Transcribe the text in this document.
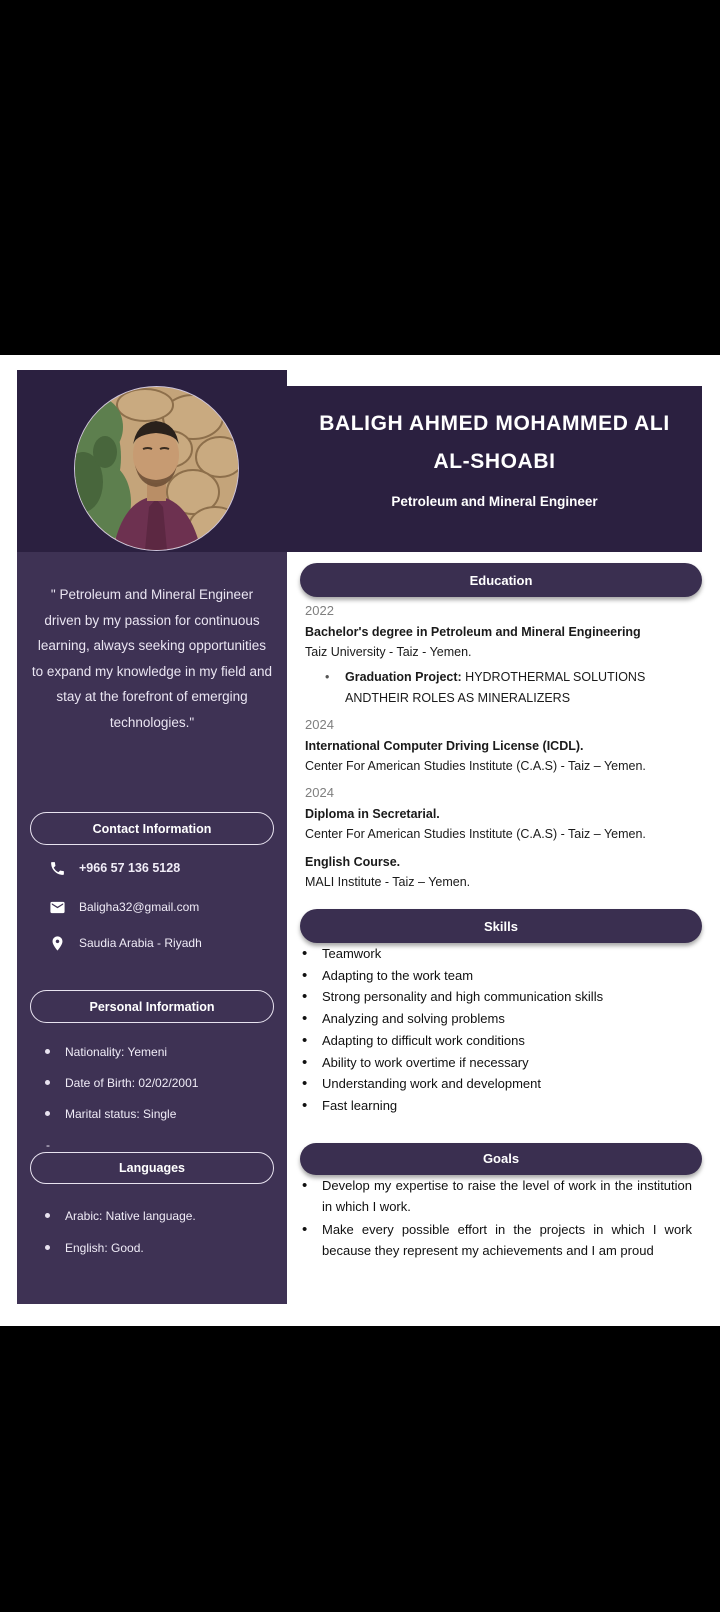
BALIGH AHMED MOHAMMED ALI
AL-SHOABI
Petroleum and Mineral Engineer
" Petroleum and Mineral Engineer driven by my passion for continuous learning, always seeking opportunities to expand my knowledge in my field and stay at the forefront of emerging technologies."
Contact Information
+966 57 136 5128
Baligha32@gmail.com
Saudia Arabia - Riyadh
Personal Information
Nationality: Yemeni
Date of Birth: 02/02/2001
Marital status: Single
-
Languages
Arabic: Native language.
English: Good.
Education
2022
Bachelor's degree in Petroleum and Mineral Engineering
Taiz University - Taiz - Yemen.
• Graduation Project: HYDROTHERMAL SOLUTIONS ANDTHEIR ROLES AS MINERALIZERS
2024
International Computer Driving License (ICDL).
Center For American Studies Institute (C.A.S) - Taiz – Yemen.
2024
Diploma in Secretarial.
Center For American Studies Institute (C.A.S) - Taiz – Yemen.
English Course.
MALI Institute - Taiz – Yemen.
Skills
• Teamwork
• Adapting to the work team
• Strong personality and high communication skills
• Analyzing and solving problems
• Adapting to difficult work conditions
• Ability to work overtime if necessary
• Understanding work and development
• Fast learning
Goals
• Develop my expertise to raise the level of work in the institution in which I work.
• Make every possible effort in the projects in which I work because they represent my achievements and I am proud
